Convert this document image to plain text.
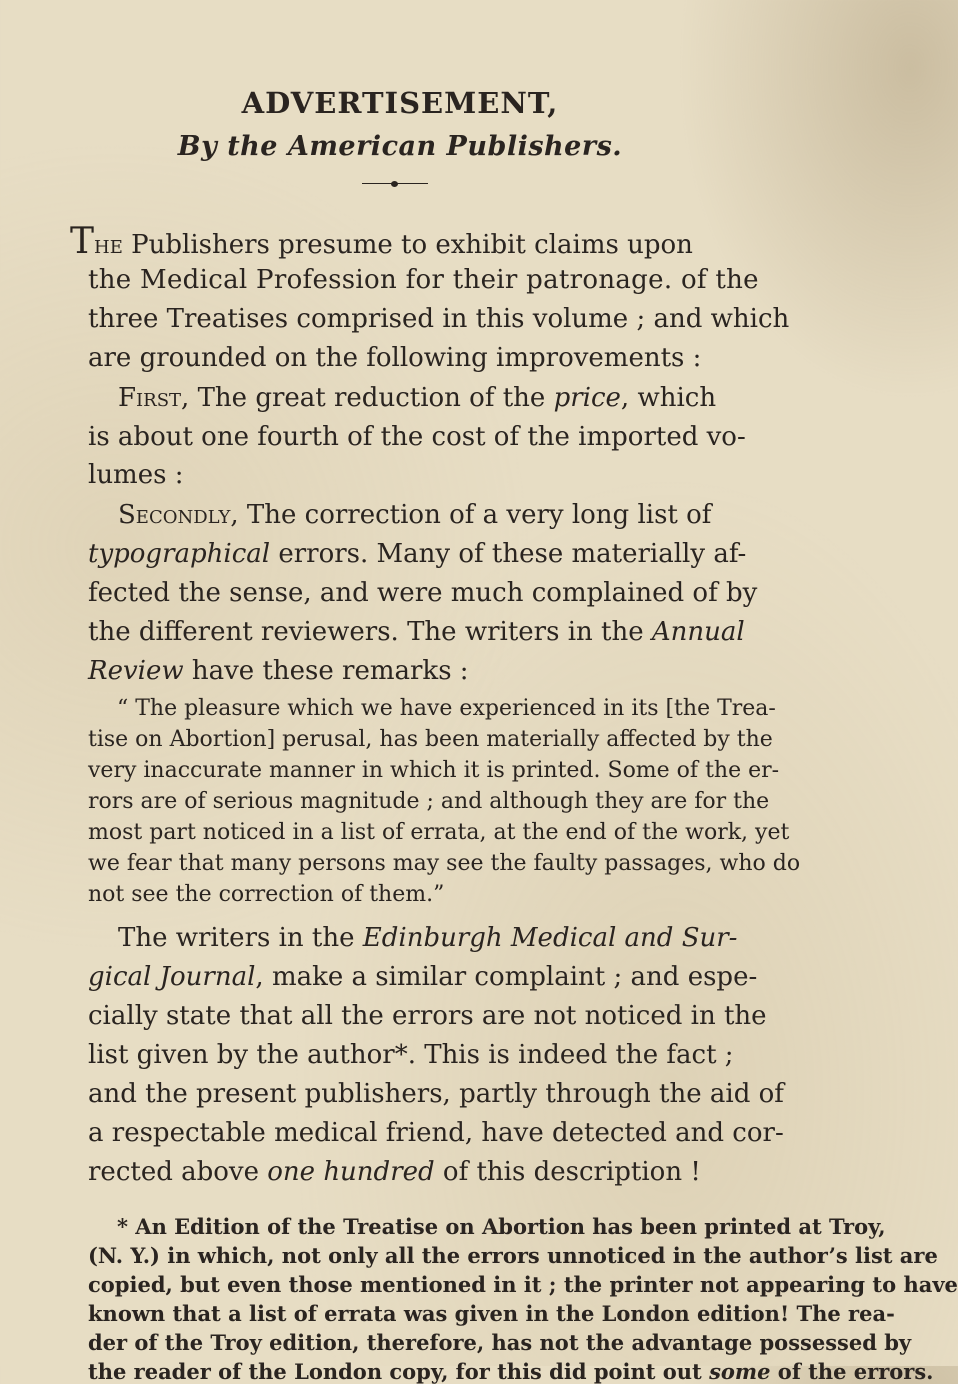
ADVERTISEMENT,
By the American Publishers.
The Publishers presume to exhibit claims upon
the Medical Profession for their patronage. of the
three Treatises comprised in this volume ; and which
are grounded on the following improvements :
First, The great reduction of the price, which
is about one fourth of the cost of the imported vo-
lumes :
Secondly, The correction of a very long list of
typographical errors. Many of these materially af-
fected the sense, and were much complained of by
the different reviewers. The writers in the Annual
Review have these remarks :
“ The pleasure which we have experienced in its [the Trea-
tise on Abortion] perusal, has been materially affected by the
very inaccurate manner in which it is printed. Some of the er-
rors are of serious magnitude ; and although they are for the
most part noticed in a list of errata, at the end of the work, yet
we fear that many persons may see the faulty passages, who do
not see the correction of them.”
The writers in the Edinburgh Medical and Sur-
gical Journal, make a similar complaint ; and espe-
cially state that all the errors are not noticed in the
list given by the author*. This is indeed the fact ;
and the present publishers, partly through the aid of
a respectable medical friend, have detected and cor-
rected above one hundred of this description !
* An Edition of the Treatise on Abortion has been printed at Troy,
(N. Y.) in which, not only all the errors unnoticed in the author’s list are
copied, but even those mentioned in it ; the printer not appearing to have
known that a list of errata was given in the London edition! The rea-
der of the Troy edition, therefore, has not the advantage possessed by
the reader of the London copy, for this did point out some of the errors.
